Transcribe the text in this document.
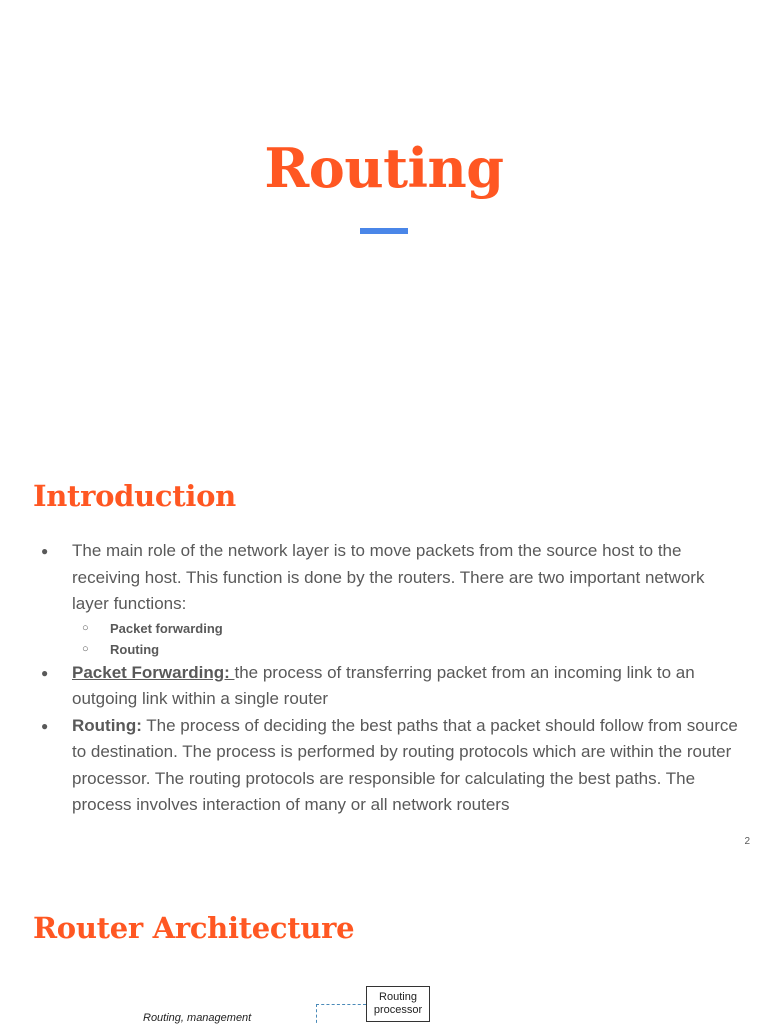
Routing
Introduction
● The main role of the network layer is to move packets from the source host to the receiving host. This function is done by the routers. There are two important network layer functions:
○ Packet forwarding
○ Routing
● Packet Forwarding: the process of transferring packet from an incoming link to an outgoing link within a single router
● Routing: The process of deciding the best paths that a packet should follow from source to destination. The process is performed by routing protocols which are within the router processor. The routing protocols are responsible for calculating the best paths. The process involves interaction of many or all network routers
2
Router Architecture
Routing
processor
Routing, management
